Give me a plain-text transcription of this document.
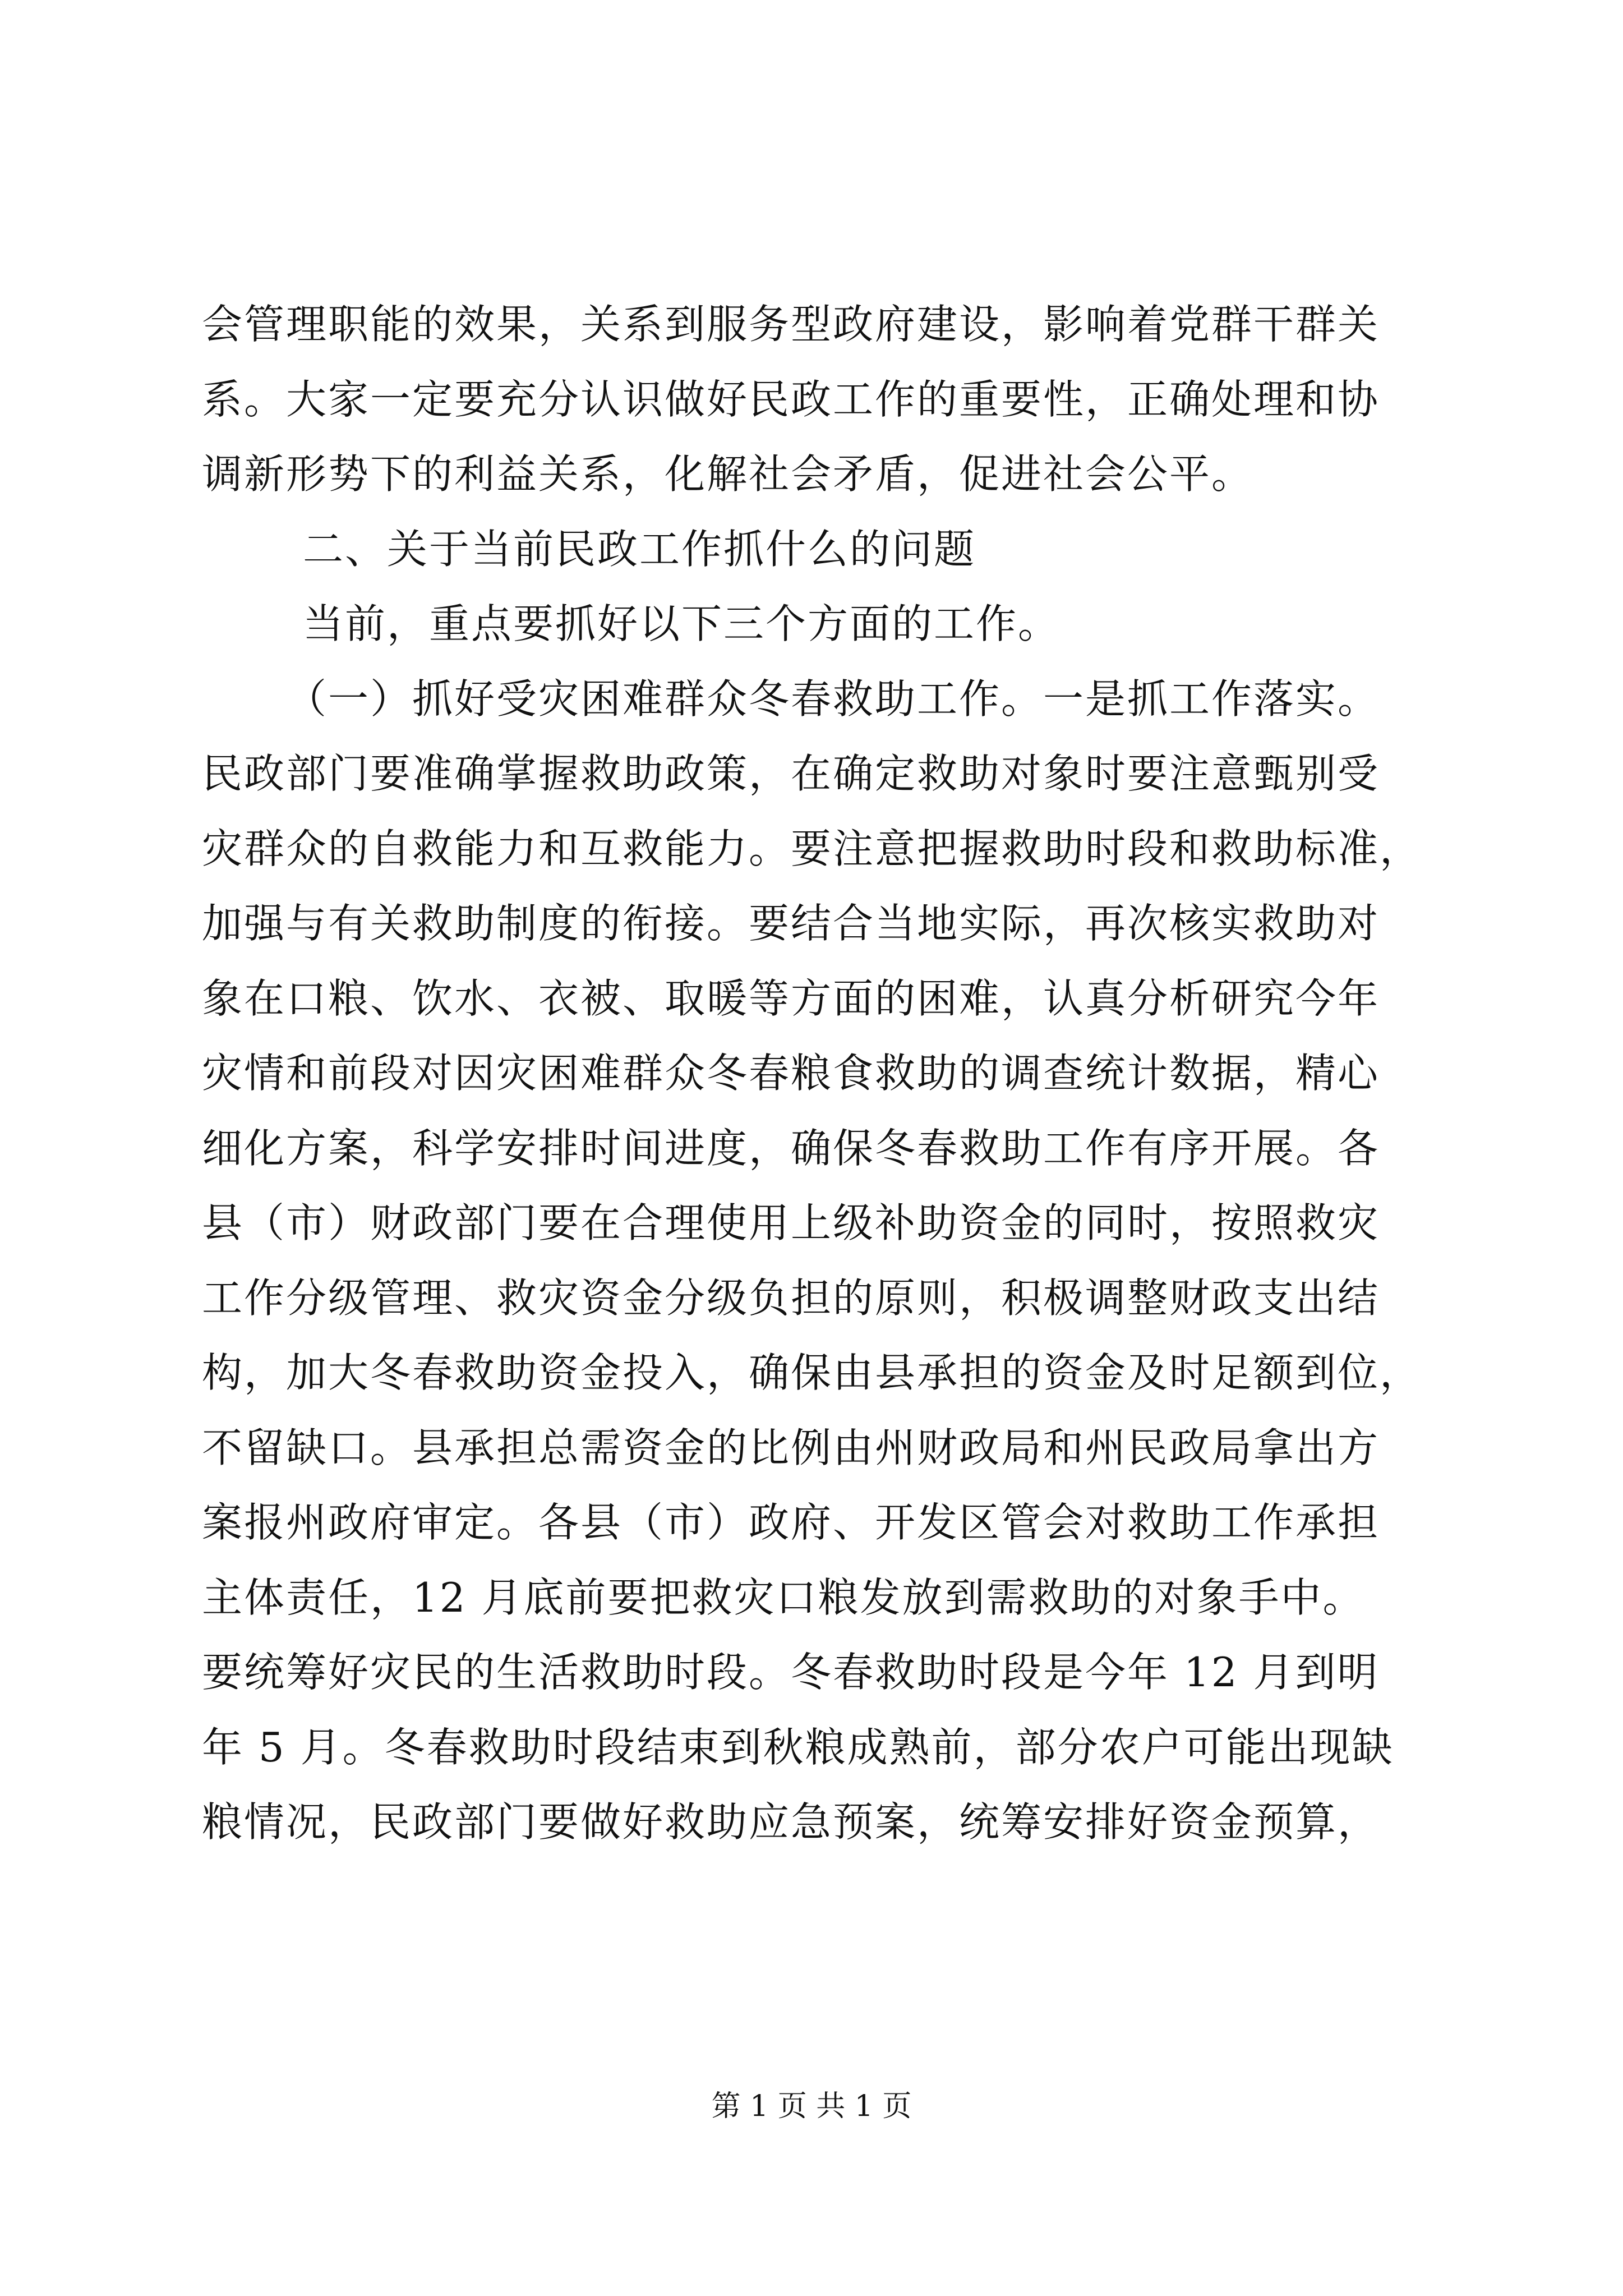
会管理职能的效果，关系到服务型政府建设，影响着党群干群关
系。大家一定要充分认识做好民政工作的重要性，正确处理和协
调新形势下的利益关系，化解社会矛盾，促进社会公平。
二、关于当前民政工作抓什么的问题
当前，重点要抓好以下三个方面的工作。
（一）抓好受灾困难群众冬春救助工作。一是抓工作落实。
民政部门要准确掌握救助政策，在确定救助对象时要注意甄别受
灾群众的自救能力和互救能力。要注意把握救助时段和救助标准，
加强与有关救助制度的衔接。要结合当地实际，再次核实救助对
象在口粮、饮水、衣被、取暖等方面的困难，认真分析研究今年
灾情和前段对因灾困难群众冬春粮食救助的调查统计数据，精心
细化方案，科学安排时间进度，确保冬春救助工作有序开展。各
县（市）财政部门要在合理使用上级补助资金的同时，按照救灾
工作分级管理、救灾资金分级负担的原则，积极调整财政支出结
构，加大冬春救助资金投入，确保由县承担的资金及时足额到位，
不留缺口。县承担总需资金的比例由州财政局和州民政局拿出方
案报州政府审定。各县（市）政府、开发区管会对救助工作承担
主体责任，12 月底前要把救灾口粮发放到需救助的对象手中。
要统筹好灾民的生活救助时段。冬春救助时段是今年 12 月到明
年 5 月。冬春救助时段结束到秋粮成熟前，部分农户可能出现缺
粮情况，民政部门要做好救助应急预案，统筹安排好资金预算，
第 1 页 共 1 页
